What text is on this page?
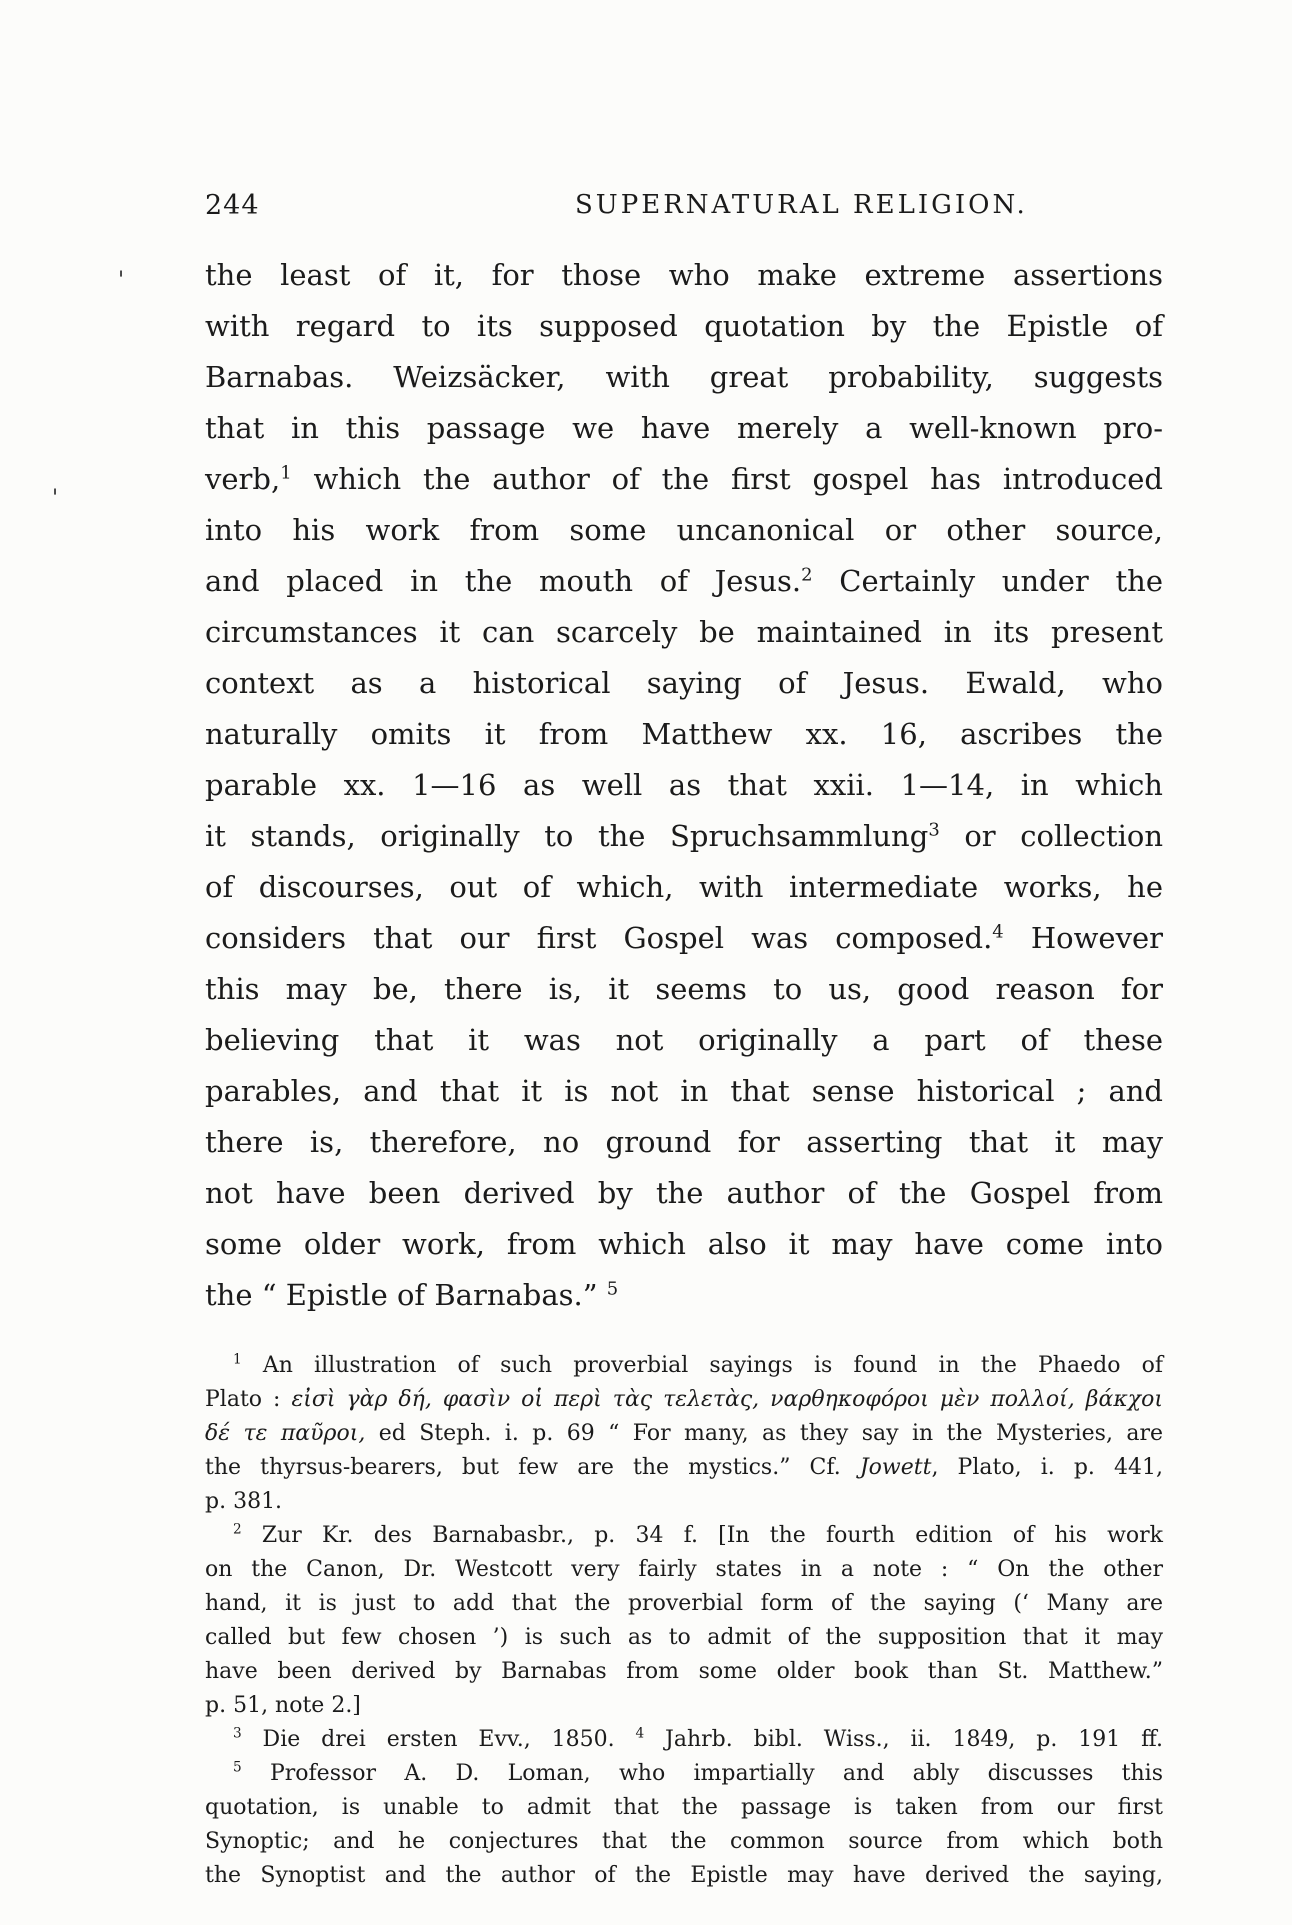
244	SUPERNATURAL RELIGION.
the least of it, for those who make extreme assertions
with regard to its supposed quotation by the Epistle of
Barnabas. Weizsäcker, with great probability, suggests
that in this passage we have merely a well-known pro-
verb,$^1$ which the author of the first gospel has introduced
into his work from some uncanonical or other source,
and placed in the mouth of Jesus.$^2$ Certainly under the
circumstances it can scarcely be maintained in its present
context as a historical saying of Jesus. Ewald, who
naturally omits it from Matthew xx. 16, ascribes the
parable xx. 1—16 as well as that xxii. 1—14, in which
it stands, originally to the Spruchsammlung$^3$ or collection
of discourses, out of which, with intermediate works, he
considers that our first Gospel was composed.$^4$ However
this may be, there is, it seems to us, good reason for
believing that it was not originally a part of these
parables, and that it is not in that sense historical ; and
there is, therefore, no ground for asserting that it may
not have been derived by the author of the Gospel from
some older work, from which also it may have come into
the “ Epistle of Barnabas.” $^5$
$^1$ An illustration of such proverbial sayings is found in the Phaedo of
Plato : εἰσὶ γὰρ δή, φασὶν οἱ περὶ τὰς τελετὰς, ναρθηκοφόροι μὲν πολλοί, βάκχοι
δέ τε παῦροι, ed Steph. i. p. 69 “ For many, as they say in the Mysteries, are
the thyrsus-bearers, but few are the mystics.” Cf. Jowett, Plato, i. p. 441,
p. 381.
$^2$ Zur Kr. des Barnabasbr., p. 34 f. [In the fourth edition of his work
on the Canon, Dr. Westcott very fairly states in a note : “ On the other
hand, it is just to add that the proverbial form of the saying (‘ Many are
called but few chosen ’) is such as to admit of the supposition that it may
have been derived by Barnabas from some older book than St. Matthew.”
p. 51, note 2.]
$^3$ Die drei ersten Evv., 1850. $^4$ Jahrb. bibl. Wiss., ii. 1849, p. 191 ff.
$^5$ Professor A. D. Loman, who impartially and ably discusses this
quotation, is unable to admit that the passage is taken from our first
Synoptic; and he conjectures that the common source from which both
the Synoptist and the author of the Epistle may have derived the saying,
'
'
